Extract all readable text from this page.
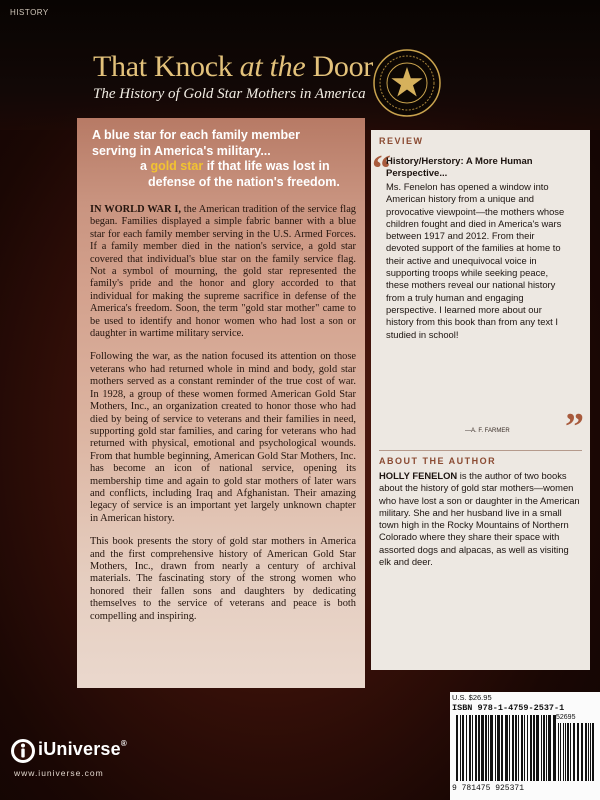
HISTORY
That Knock at the Door
The History of Gold Star Mothers in America
A blue star for each family member
serving in America's military...
a gold star if that life was lost in
defense of the nation's freedom.

IN WORLD WAR I, the American tradition of the service flag began. Families displayed a simple fabric banner with a blue star for each family member serving in the U.S. Armed Forces. If a family member died in the nation's service, a gold star covered that individual's blue star on the family service flag. Not a symbol of mourning, the gold star represented the family's pride and the honor and glory accorded to that individual for making the supreme sacrifice in defense of the America's freedom. Soon, the term "gold star mother" came to be used to identify and honor women who had lost a son or daughter in wartime military service.

Following the war, as the nation focused its attention on those veterans who had returned whole in mind and body, gold star mothers served as a constant reminder of the true cost of war. In 1928, a group of these women formed American Gold Star Mothers, Inc., an organization created to honor those who had died by being of service to veterans and their families in need, supporting gold star families, and caring for veterans who had returned with physical, emotional and psychological wounds. From that humble beginning, American Gold Star Mothers, Inc. has become an icon of national service, opening its membership time and again to gold star mothers of later wars and conflicts, including Iraq and Afghanistan. Their amazing legacy of service is an important yet largely unknown chapter in American history.

This book presents the story of gold star mothers in America and the first comprehensive history of American Gold Star Mothers, Inc., drawn from nearly a century of archival materials. The fascinating story of the strong women who honored their fallen sons and daughters by dedicating themselves to the service of veterans and peace is both compelling and inspiring.

REVIEW
“
History/Herstory: A More Human Perspective...
Ms. Fenelon has opened a window into American history from a unique and provocative viewpoint—the mothers whose children fought and died in America's wars between 1917 and 2012. From their devoted support of the families at home to their active and unequivocal voice in supporting troops while seeking peace, these mothers reveal our national history from a truly human and engaging perspective. I learned more about our history from this book than from any text I studied in school!
”
—A. F. FARMER
ABOUT THE AUTHOR
HOLLY FENELON is the author of two books about the history of gold star mothers—women who have lost a son or daughter in the American military. She and her husband live in a small town high in the Rocky Mountains of Northern Colorado where they share their space with assorted dogs and alpacas, as well as visiting elk and deer.
U.S. $26.95
ISBN 978-1-4759-2537-1
52695
9 781475 925371
iUniverse®
www.iuniverse.com
